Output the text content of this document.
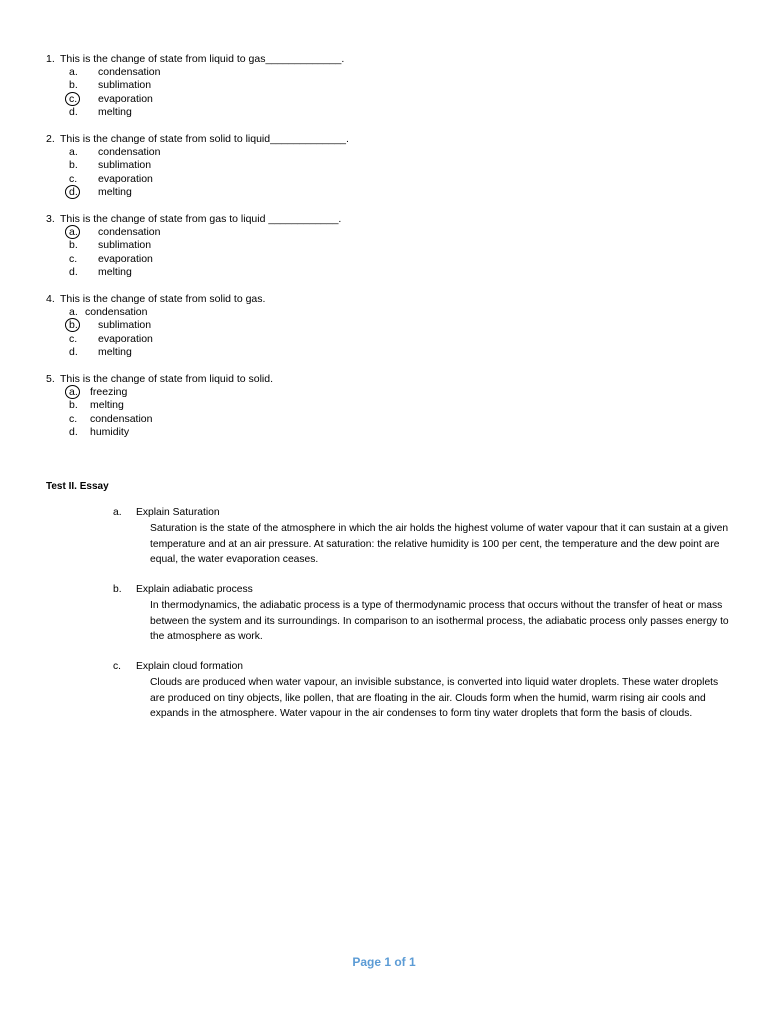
1. This is the change of state from liquid to gas_____________.
a.	condensation
b.	sublimation
c.	evaporation
d.	melting
2. This is the change of state from solid to liquid_____________.
a.	condensation
b.	sublimation
c.	evaporation
d.	melting
3. This is the change of state from gas to liquid ____________.
a.	condensation
b.	sublimation
c.	evaporation
d.	melting
4. This is the change of state from solid to gas.
a. condensation
b.	sublimation
c.	evaporation
d.	melting
5. This is the change of state from liquid to solid.
a.	freezing
b.	melting
c.	condensation
d.	humidity
Test II. Essay
a. Explain Saturation
Saturation is the state of the atmosphere in which the air holds the highest volume of water vapour that it can sustain at a given temperature and at an air pressure. At saturation: the relative humidity is 100 per cent, the temperature and the dew point are equal, the water evaporation ceases.
b. Explain adiabatic process
In thermodynamics, the adiabatic process is a type of thermodynamic process that occurs without the transfer of heat or mass between the system and its surroundings. In comparison to an isothermal process, the adiabatic process only passes energy to the atmosphere as work.
c. Explain cloud formation
Clouds are produced when water vapour, an invisible substance, is converted into liquid water droplets. These water droplets are produced on tiny objects, like pollen, that are floating in the air. Clouds form when the humid, warm rising air cools and expands in the atmosphere. Water vapour in the air condenses to form tiny water droplets that form the basis of clouds.
Page 1 of 1
